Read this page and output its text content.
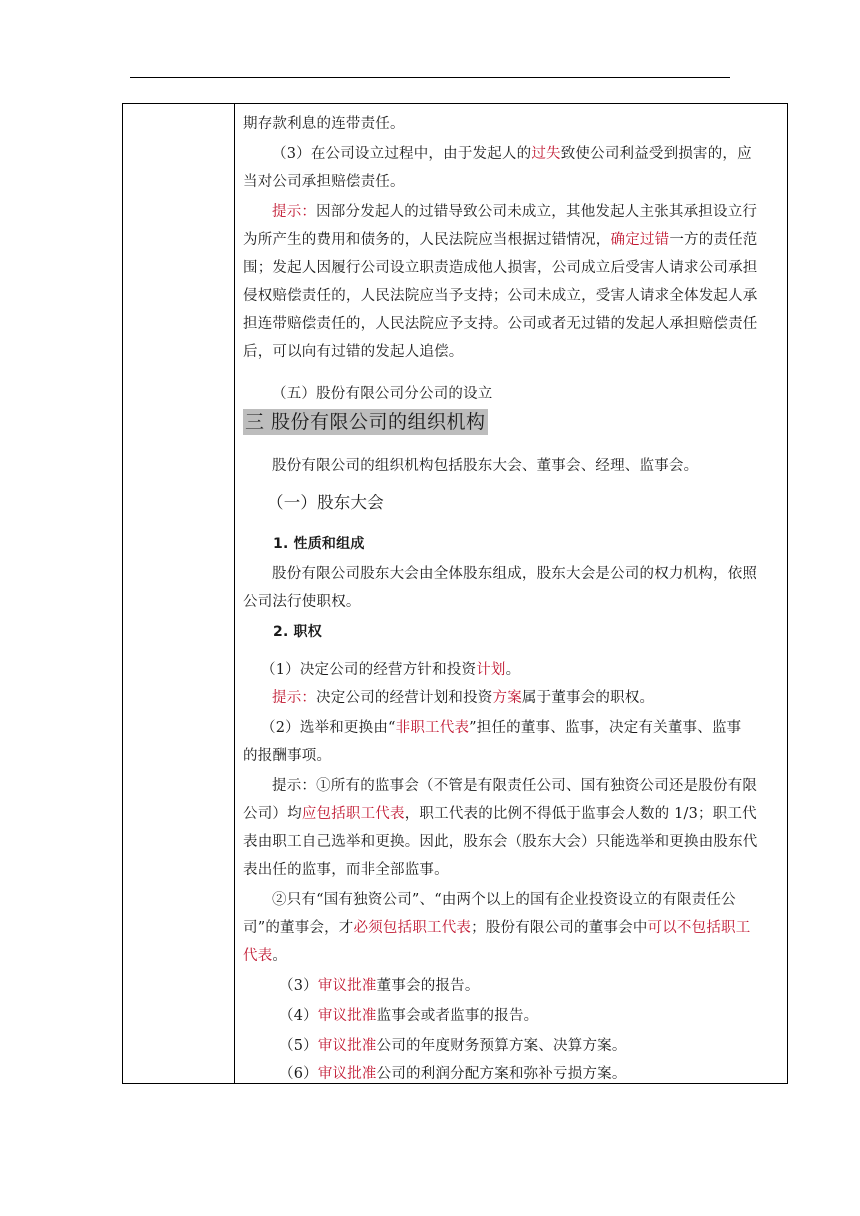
期存款利息的连带责任。
（3）在公司设立过程中，由于发起人的过失致使公司利益受到损害的，应
当对公司承担赔偿责任。
提示：因部分发起人的过错导致公司未成立，其他发起人主张其承担设立行
为所产生的费用和债务的，人民法院应当根据过错情况，确定过错一方的责任范
围；发起人因履行公司设立职责造成他人损害，公司成立后受害人请求公司承担
侵权赔偿责任的，人民法院应当予支持；公司未成立，受害人请求全体发起人承
担连带赔偿责任的，人民法院应予支持。公司或者无过错的发起人承担赔偿责任
后，可以向有过错的发起人追偿。
（五）股份有限公司分公司的设立
三 股份有限公司的组织机构
股份有限公司的组织机构包括股东大会、董事会、经理、监事会。
（一）股东大会
1. 性质和组成
股份有限公司股东大会由全体股东组成，股东大会是公司的权力机构，依照
公司法行使职权。
2. 职权
（1）决定公司的经营方针和投资计划。
提示：决定公司的经营计划和投资方案属于董事会的职权。
（2）选举和更换由“非职工代表”担任的董事、监事，决定有关董事、监事
的报酬事项。
提示：①所有的监事会（不管是有限责任公司、国有独资公司还是股份有限
公司）均应包括职工代表，职工代表的比例不得低于监事会人数的 1/3；职工代
表由职工自己选举和更换。因此，股东会（股东大会）只能选举和更换由股东代
表出任的监事，而非全部监事。
②只有“国有独资公司”、“由两个以上的国有企业投资设立的有限责任公
司”的董事会，才必须包括职工代表；股份有限公司的董事会中可以不包括职工
代表。
（3）审议批准董事会的报告。
（4）审议批准监事会或者监事的报告。
（5）审议批准公司的年度财务预算方案、决算方案。
（6）审议批准公司的利润分配方案和弥补亏损方案。
